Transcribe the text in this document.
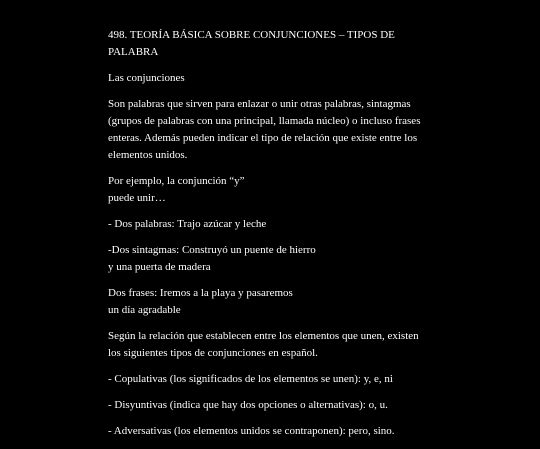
498. TEORÍA BÁSICA SOBRE CONJUNCIONES – TIPOS DE
PALABRA
Las conjunciones
Son palabras que sirven para enlazar o unir otras palabras, sintagmas
(grupos de palabras con una principal, llamada núcleo) o incluso frases
enteras. Además pueden indicar el tipo de relación que existe entre los
elementos unidos.
Por ejemplo, la conjunción “y”
puede unir…
- Dos palabras: Trajo azúcar y leche
-Dos sintagmas: Construyó un puente de hierro
y una puerta de madera
Dos frases: Iremos a la playa y pasaremos
un día agradable
Según la relación que establecen entre los elementos que unen, existen
los siguientes tipos de conjunciones en español.
- Copulativas (los significados de los elementos se unen): y, e, ni
- Disyuntivas (indica que hay dos opciones o alternativas): o, u.
- Adversativas (los elementos unidos se contraponen): pero, sino.
